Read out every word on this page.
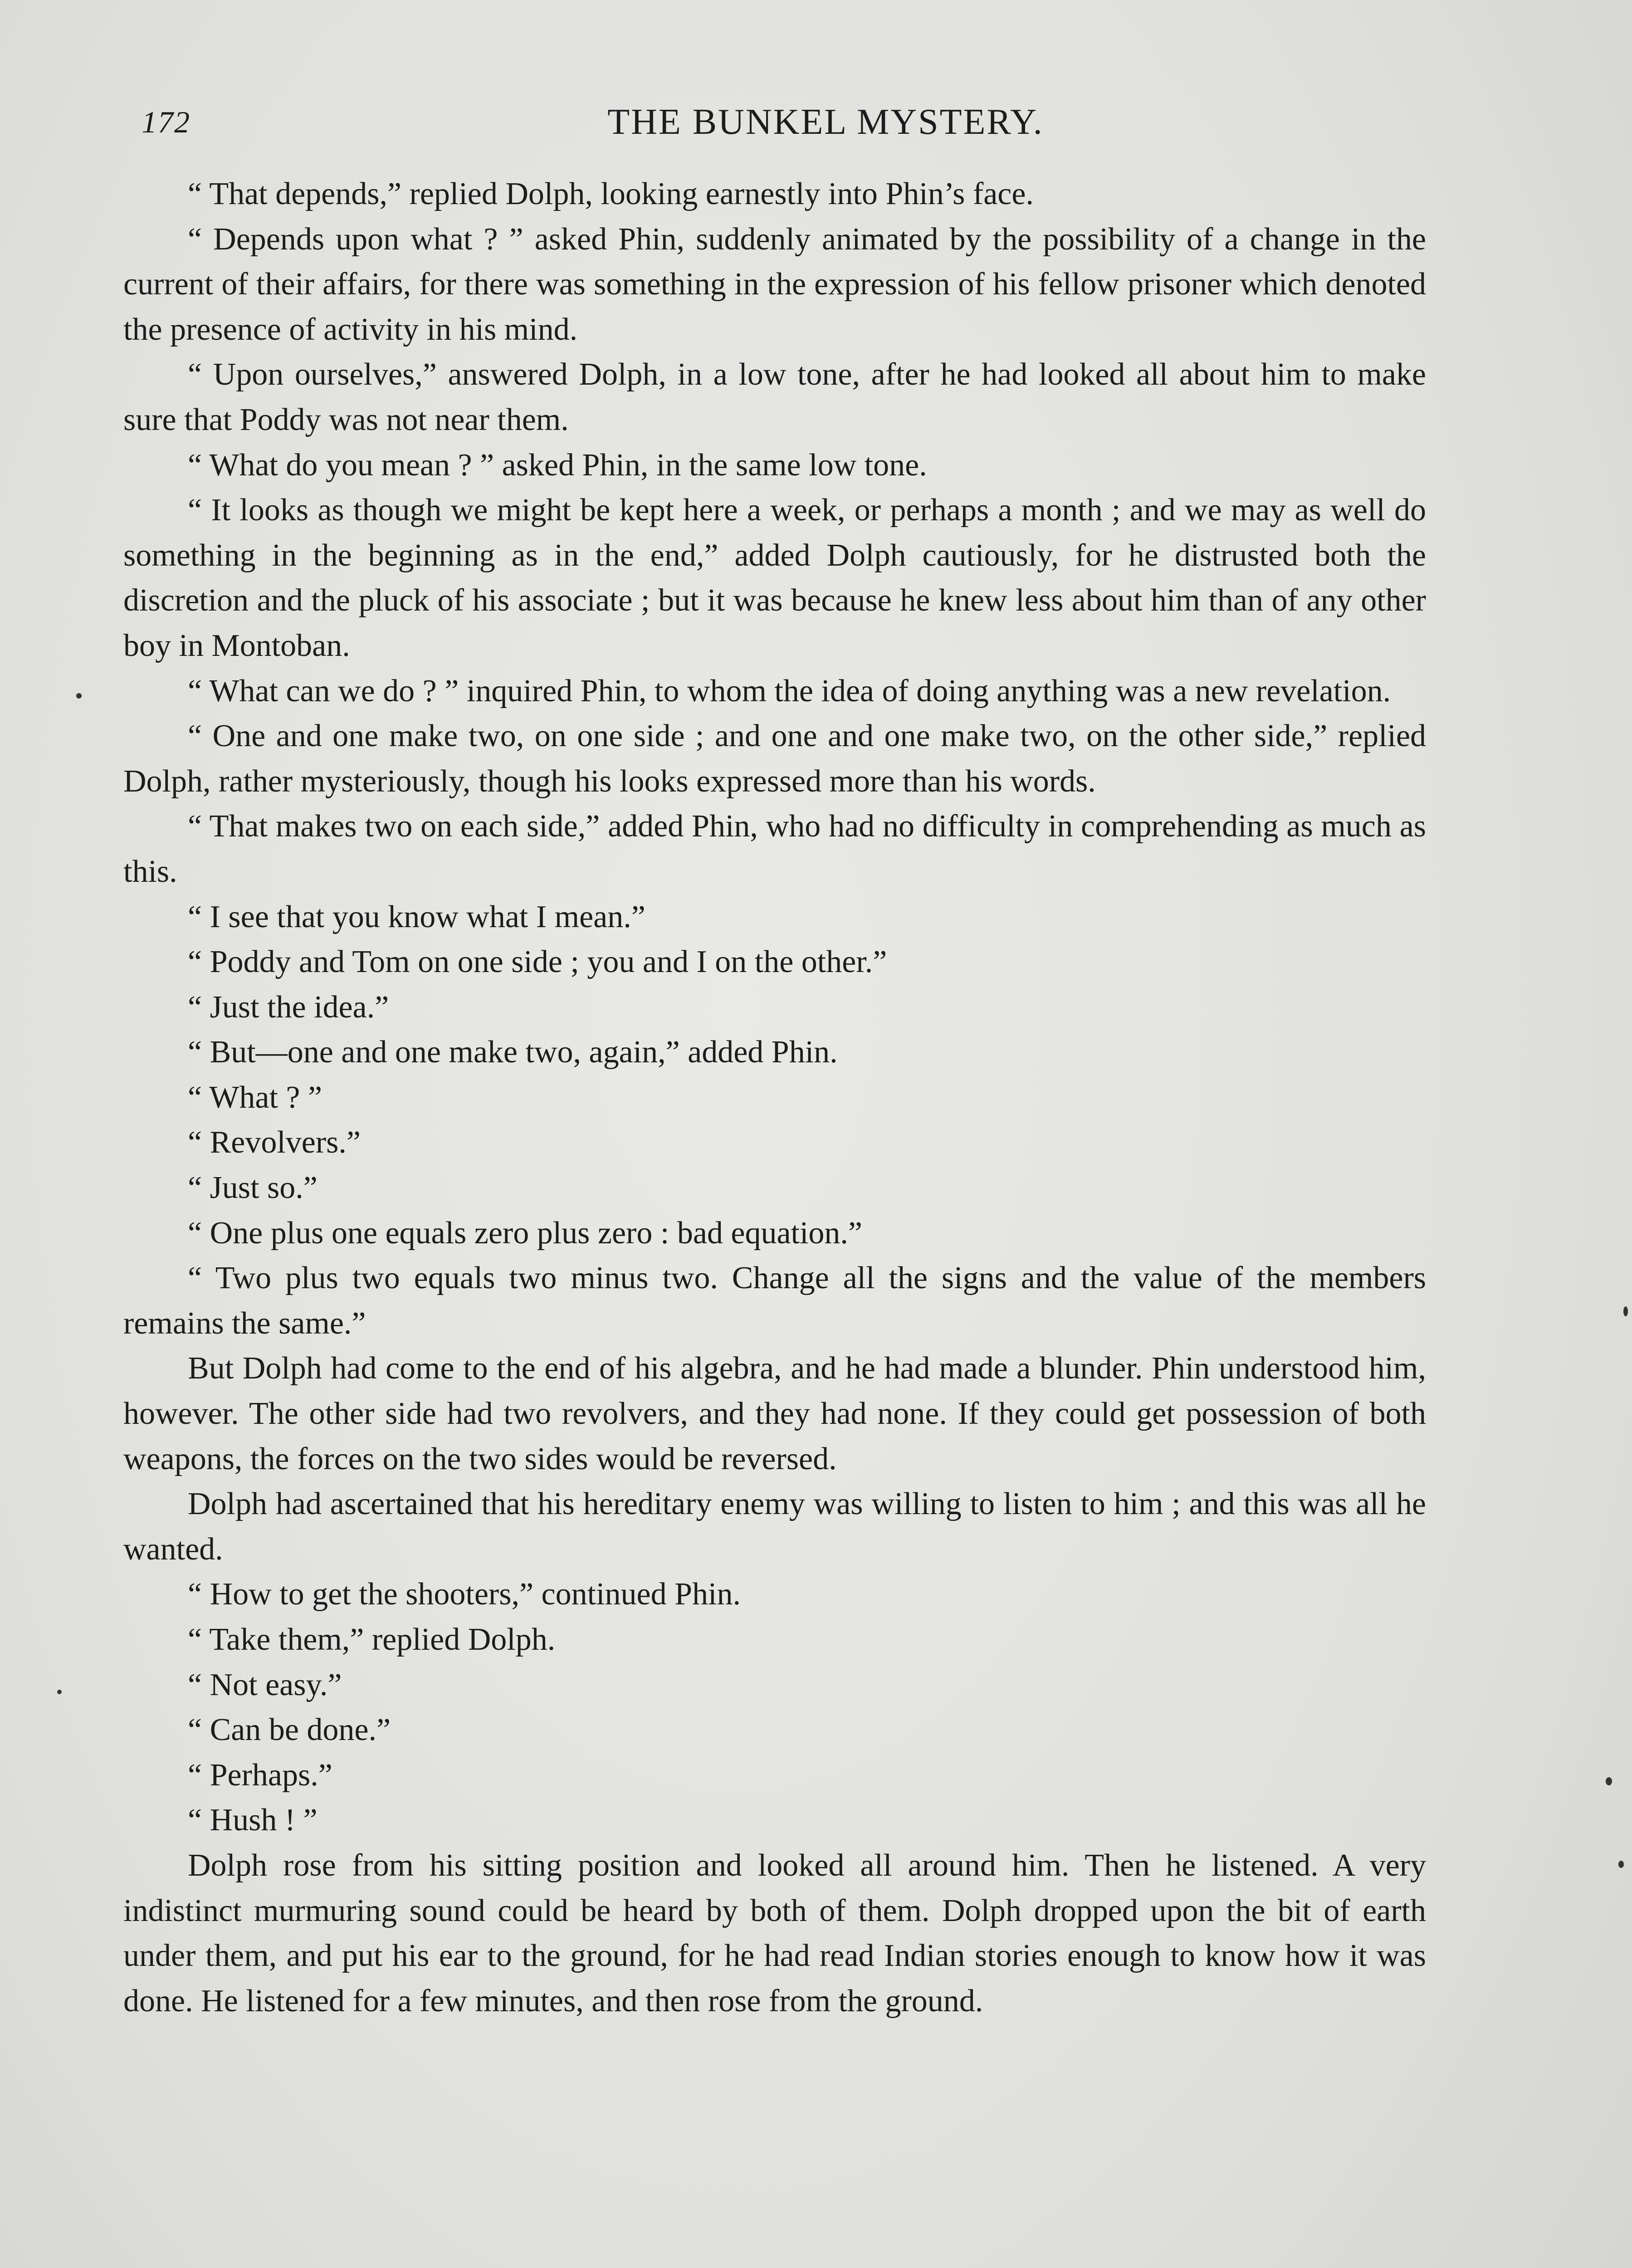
172	THE BUNKEL MYSTERY.

“ That depends,” replied Dolph, looking earnestly into Phin’s face.

“ Depends upon what ? ” asked Phin, suddenly animated by the possibility of a change in the current of their affairs, for there was something in the expression of his fellow prisoner which denoted the presence of activity in his mind.

“ Upon ourselves,” answered Dolph, in a low tone, after he had looked all about him to make sure that Poddy was not near them.

“ What do you mean ? ” asked Phin, in the same low tone.

“ It looks as though we might be kept here a week, or perhaps a month ; and we may as well do something in the beginning as in the end,” added Dolph cautiously, for he distrusted both the discretion and the pluck of his associate ; but it was because he knew less about him than of any other boy in Montoban.

“ What can we do ? ” inquired Phin, to whom the idea of doing anything was a new revelation.

“ One and one make two, on one side ; and one and one make two, on the other side,” replied Dolph, rather mysteriously, though his looks expressed more than his words.

“ That makes two on each side,” added Phin, who had no difficulty in comprehending as much as this.

“ I see that you know what I mean.”

“ Poddy and Tom on one side ; you and I on the other.”

“ Just the idea.”

“ But—one and one make two, again,” added Phin.

“ What ? ”

“ Revolvers.”

“ Just so.”

“ One plus one equals zero plus zero : bad equation.”

“ Two plus two equals two minus two. Change all the signs and the value of the members remains the same.”

But Dolph had come to the end of his algebra, and he had made a blunder. Phin understood him, however. The other side had two revolvers, and they had none. If they could get possession of both weapons, the forces on the two sides would be reversed.

Dolph had ascertained that his hereditary enemy was willing to listen to him ; and this was all he wanted.

“ How to get the shooters,” continued Phin.

“ Take them,” replied Dolph.

“ Not easy.”

“ Can be done.”

“ Perhaps.”

“ Hush ! ”

Dolph rose from his sitting position and looked all around him. Then he listened. A very indistinct murmuring sound could be heard by both of them. Dolph dropped upon the bit of earth under them, and put his ear to the ground, for he had read Indian stories enough to know how it was done. He listened for a few minutes, and then rose from the ground.
